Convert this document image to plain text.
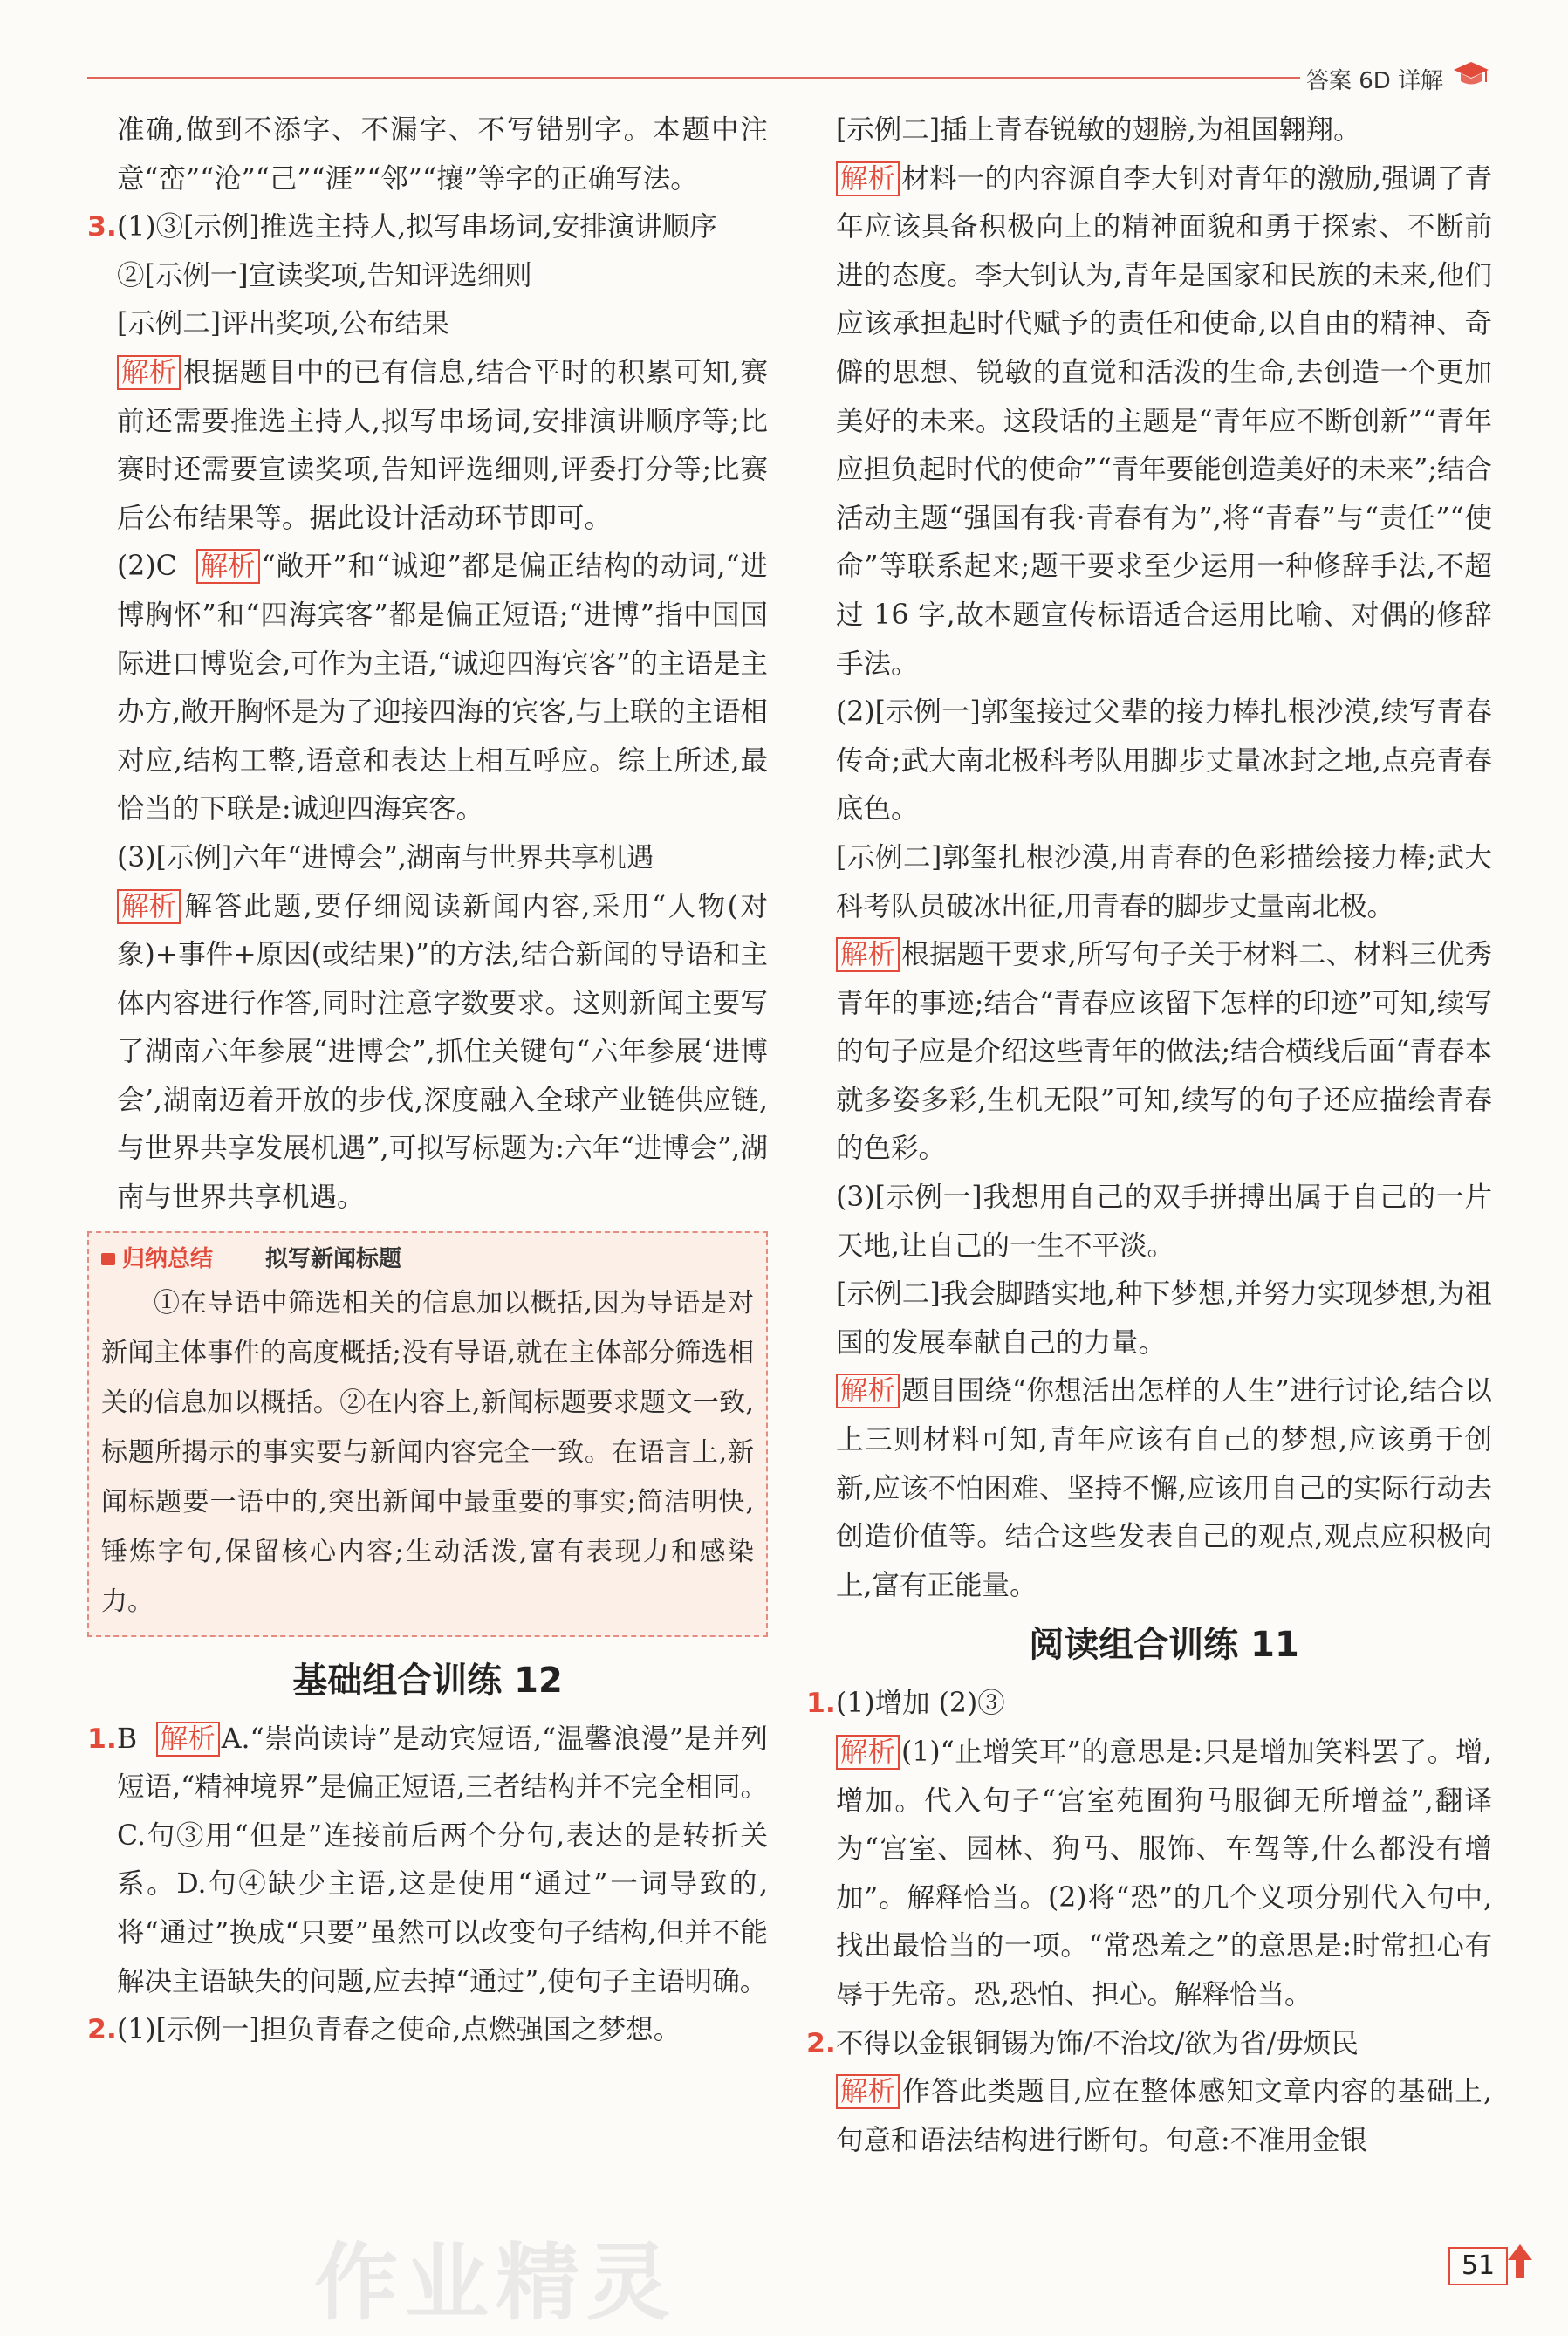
答案 6D 详解

准确,做到不添字、不漏字、不写错别字。本题中注意“峦”“沧”“己”“涯”“邻”“攘”等字的正确写法。

3. (1)③[示例]推选主持人,拟写串场词,安排演讲顺序

②[示例一]宣读奖项,告知评选细则

[示例二]评出奖项,公布结果

解析 根据题目中的已有信息,结合平时的积累可知,赛前还需要推选主持人,拟写串场词,安排演讲顺序等;比赛时还需要宣读奖项,告知评选细则,评委打分等;比赛后公布结果等。据此设计活动环节即可。

(2)C 解析 “敞开”和“诚迎”都是偏正结构的动词,“进博胸怀”和“四海宾客”都是偏正短语;“进博”指中国国际进口博览会,可作为主语,“诚迎四海宾客”的主语是主办方,敞开胸怀是为了迎接四海的宾客,与上联的主语相对应,结构工整,语意和表达上相互呼应。综上所述,最恰当的下联是:诚迎四海宾客。

(3)[示例]六年“进博会”,湖南与世界共享机遇

解析 解答此题,要仔细阅读新闻内容,采用“人物(对象)+事件+原因(或结果)”的方法,结合新闻的导语和主体内容进行作答,同时注意字数要求。这则新闻主要写了湖南六年参展“进博会”,抓住关键句“六年参展‘进博会’,湖南迈着开放的步伐,深度融入全球产业链供应链,与世界共享发展机遇”,可拟写标题为:六年“进博会”,湖南与世界共享机遇。

归纳总结 拟写新闻标题

①在导语中筛选相关的信息加以概括,因为导语是对新闻主体事件的高度概括;没有导语,就在主体部分筛选相关的信息加以概括。②在内容上,新闻标题要求题文一致,标题所揭示的事实要与新闻内容完全一致。在语言上,新闻标题要一语中的,突出新闻中最重要的事实;简洁明快,锤炼字句,保留核心内容;生动活泼,富有表现力和感染力。

基础组合训练 12
1. B 解析 A.“崇尚读诗”是动宾短语,“温馨浪漫”是并列短语,“精神境界”是偏正短语,三者结构并不完全相同。C.句③用“但是”连接前后两个分句,表达的是转折关系。D.句④缺少主语,这是使用“通过”一词导致的,将“通过”换成“只要”虽然可以改变句子结构,但并不能解决主语缺失的问题,应去掉“通过”,使句子主语明确。

2. (1)[示例一]担负青春之使命,点燃强国之梦想。

[示例二]插上青春锐敏的翅膀,为祖国翱翔。

解析 材料一的内容源自李大钊对青年的激励,强调了青年应该具备积极向上的精神面貌和勇于探索、不断前进的态度。李大钊认为,青年是国家和民族的未来,他们应该承担起时代赋予的责任和使命,以自由的精神、奇僻的思想、锐敏的直觉和活泼的生命,去创造一个更加美好的未来。这段话的主题是“青年应不断创新”“青年应担负起时代的使命”“青年要能创造美好的未来”;结合活动主题“强国有我·青春有为”,将“青春”与“责任”“使命”等联系起来;题干要求至少运用一种修辞手法,不超过 16 字,故本题宣传标语适合运用比喻、对偶的修辞手法。

(2)[示例一]郭玺接过父辈的接力棒扎根沙漠,续写青春传奇;武大南北极科考队用脚步丈量冰封之地,点亮青春底色。

[示例二]郭玺扎根沙漠,用青春的色彩描绘接力棒;武大科考队员破冰出征,用青春的脚步丈量南北极。

解析 根据题干要求,所写句子关于材料二、材料三优秀青年的事迹;结合“青春应该留下怎样的印迹”可知,续写的句子应是介绍这些青年的做法;结合横线后面“青春本就多姿多彩,生机无限”可知,续写的句子还应描绘青春的色彩。

(3)[示例一]我想用自己的双手拼搏出属于自己的一片天地,让自己的一生不平淡。

[示例二]我会脚踏实地,种下梦想,并努力实现梦想,为祖国的发展奉献自己的力量。

解析 题目围绕“你想活出怎样的人生”进行讨论,结合以上三则材料可知,青年应该有自己的梦想,应该勇于创新,应该不怕困难、坚持不懈,应该用自己的实际行动去创造价值等。结合这些发表自己的观点,观点应积极向上,富有正能量。

阅读组合训练 11
1. (1)增加 (2)③

解析 (1)“止增笑耳”的意思是:只是增加笑料罢了。增,增加。代入句子“宫室苑囿狗马服御无所增益”,翻译为“宫室、园林、狗马、服饰、车驾等,什么都没有增加”。解释恰当。(2)将“恐”的几个义项分别代入句中,找出最恰当的一项。“常恐羞之”的意思是:时常担心有辱于先帝。恐,恐怕、担心。解释恰当。

2. 不得以金银铜锡为饰/不治坟/欲为省/毋烦民

解析 作答此类题目,应在整体感知文章内容的基础上,句意和语法结构进行断句。句意:不准用金银

作业精灵	51
